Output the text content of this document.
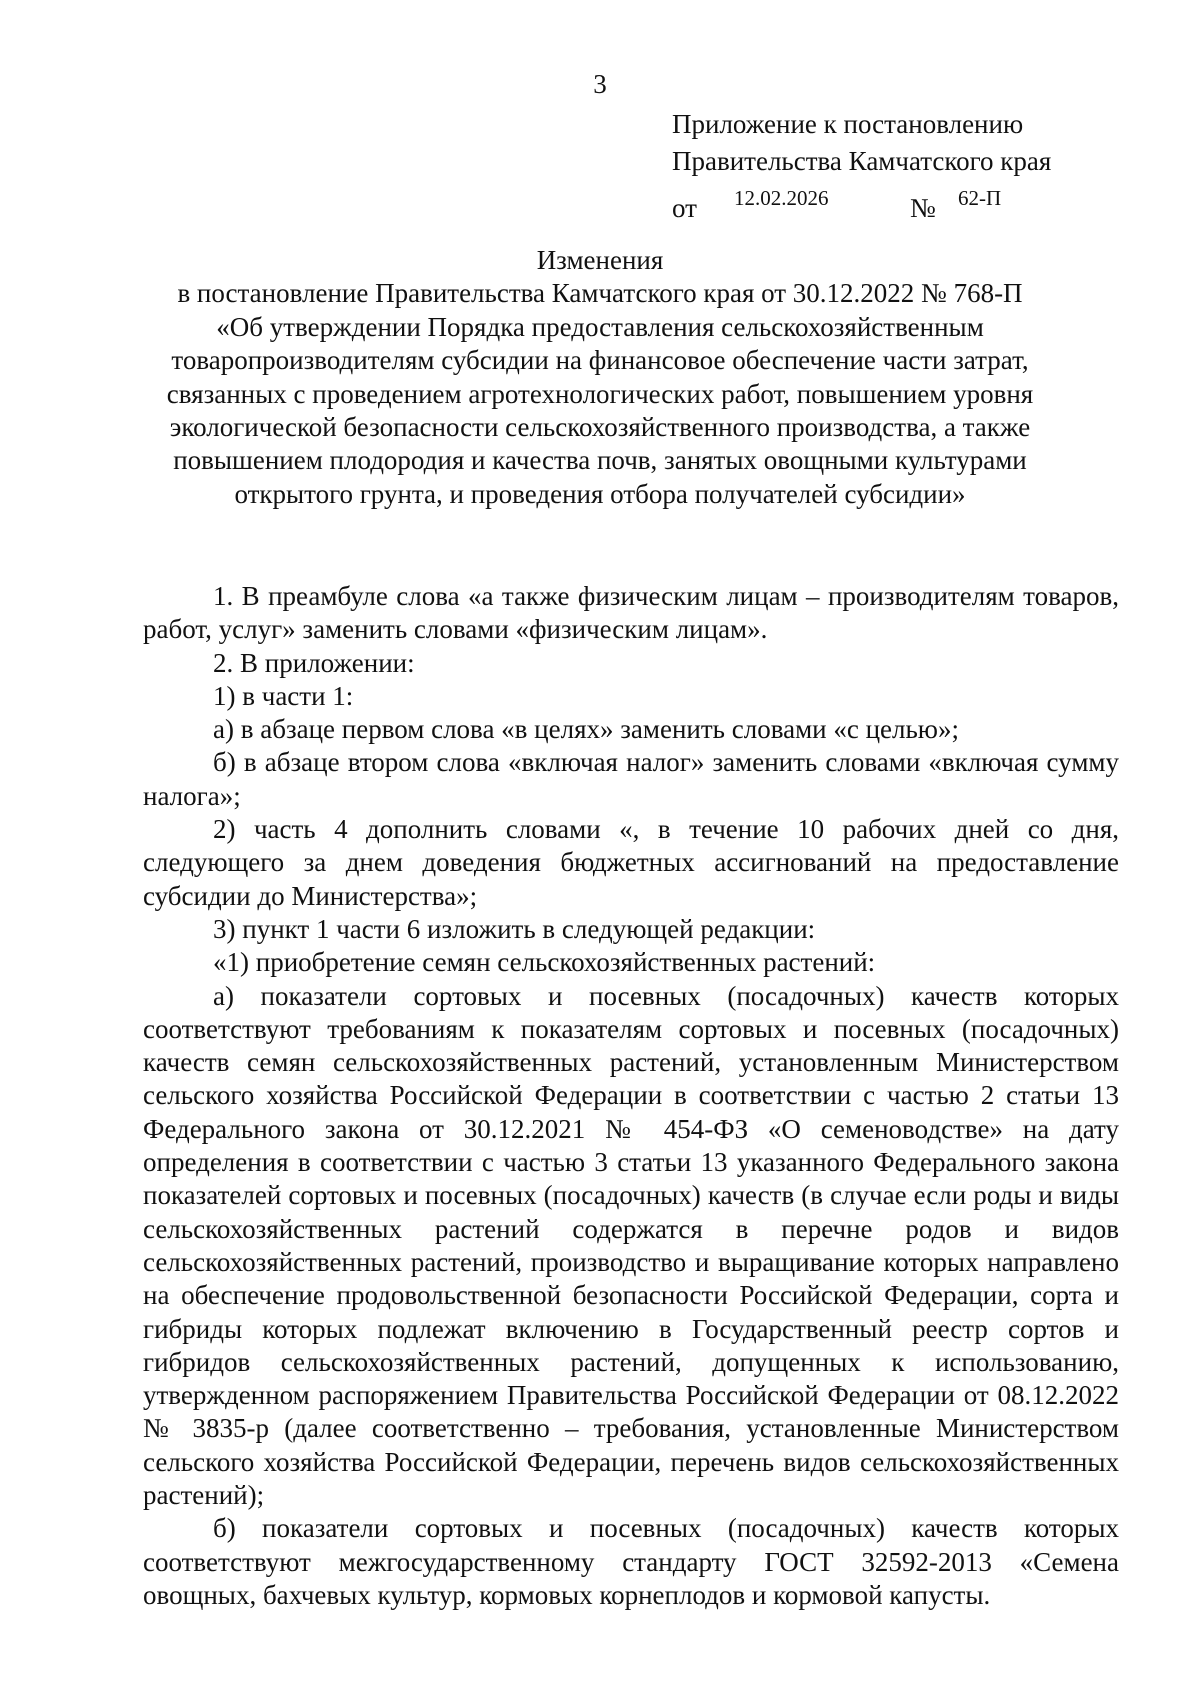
3
Приложение к постановлению
Правительства Камчатского края
от 12.02.2026	№ 62-П
Изменения
в постановление Правительства Камчатского края от 30.12.2022 № 768-П
«Об утверждении Порядка предоставления сельскохозяйственным
товаропроизводителям субсидии на финансовое обеспечение части затрат,
связанных с проведением агротехнологических работ, повышением уровня
экологической безопасности сельскохозяйственного производства, а также
повышением плодородия и качества почв, занятых овощными культурами
открытого грунта, и проведения отбора получателей субсидии»

1. В преамбуле слова «а также физическим лицам – производителям товаров, работ, услуг» заменить словами «физическим лицам».

2. В приложении:

1) в части 1:

а) в абзаце первом слова «в целях» заменить словами «с целью»;

б) в абзаце втором слова «включая налог» заменить словами «включая сумму налога»;

2) часть 4 дополнить словами «, в течение 10 рабочих дней со дня, следующего за днем доведения бюджетных ассигнований на предоставление субсидии до Министерства»;

3) пункт 1 части 6 изложить в следующей редакции:

«1) приобретение семян сельскохозяйственных растений:

а) показатели сортовых и посевных (посадочных) качеств которых соответствуют требованиям к показателям сортовых и посевных (посадочных) качеств семян сельскохозяйственных растений, установленным Министерством сельского хозяйства Российской Федерации в соответствии с частью 2 статьи 13 Федерального закона от 30.12.2021 № 454-ФЗ «О семеноводстве» на дату определения в соответствии с частью 3 статьи 13 указанного Федерального закона показателей сортовых и посевных (посадочных) качеств (в случае если роды и виды сельскохозяйственных растений содержатся в перечне родов и видов сельскохозяйственных растений, производство и выращивание которых направлено на обеспечение продовольственной безопасности Российской Федерации, сорта и гибриды которых подлежат включению в Государственный реестр сортов и гибридов сельскохозяйственных растений, допущенных к использованию, утвержденном распоряжением Правительства Российской Федерации от 08.12.2022 № 3835-р (далее соответственно – требования, установленные Министерством сельского хозяйства Российской Федерации, перечень видов сельскохозяйственных растений);

б) показатели сортовых и посевных (посадочных) качеств которых соответствуют межгосударственному стандарту ГОСТ 32592-2013 «Семена овощных, бахчевых культур, кормовых корнеплодов и кормовой капусты.
